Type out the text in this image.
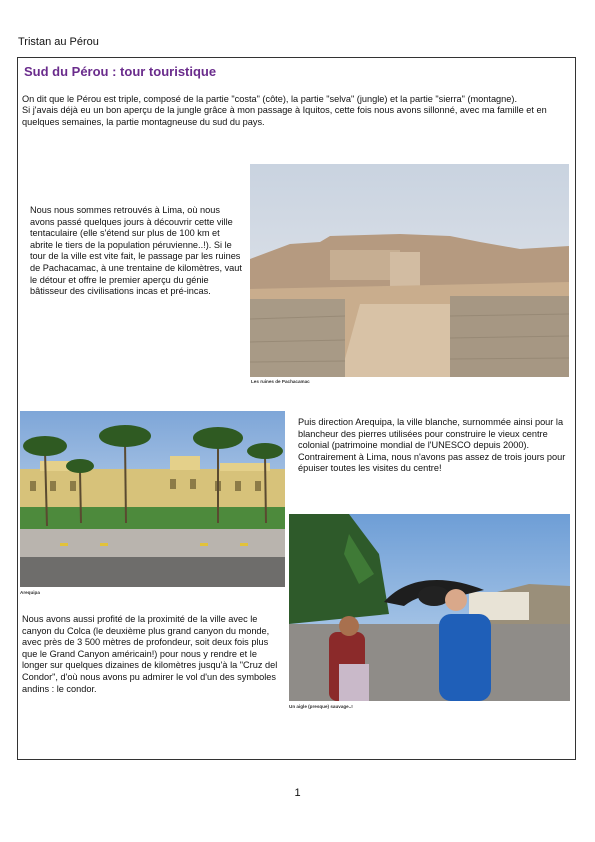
Tristan au Pérou
Sud du Pérou : tour touristique

On dit que le Pérou est triple, composé de la partie "costa" (côte), la partie "selva" (jungle) et la partie "sierra" (montagne).

Si j'avais déjà eu un bon aperçu de la jungle grâce à mon passage à Iquitos, cette fois nous avons sillonné, avec ma famille et en quelques semaines, la partie montagneuse du sud du pays.

Nous nous sommes retrouvés à Lima, où nous avons passé quelques jours à découvrir cette ville tentaculaire (elle s'étend sur plus de 100 km et abrite le tiers de la population péruvienne..!). Si le tour de la ville est vite fait, le passage par les ruines de Pachacamac, à une trentaine de kilomètres, vaut le détour et offre le premier aperçu du génie bâtisseur des civilisations incas et pré-incas.
Les ruines de Pachacamac
Arequipa
Puis direction Arequipa, la ville blanche, surnommée ainsi pour la blancheur des pierres utilisées pour construire le vieux centre colonial (patrimoine mondial de l'UNESCO depuis 2000). Contrairement à Lima, nous n'avons pas assez de trois jours pour épuiser toutes les visites du centre!
Un aigle (presque) sauvage..!
Nous avons aussi profité de la proximité de la ville avec le canyon du Colca (le deuxième plus grand canyon du monde, avec près de 3 500 mètres de profondeur, soit deux fois plus que le Grand Canyon américain!) pour nous y rendre et le longer sur quelques dizaines de kilomètres jusqu'à la "Cruz del Condor", d'où nous avons pu admirer le vol d'un des symboles andins : le condor.
1
